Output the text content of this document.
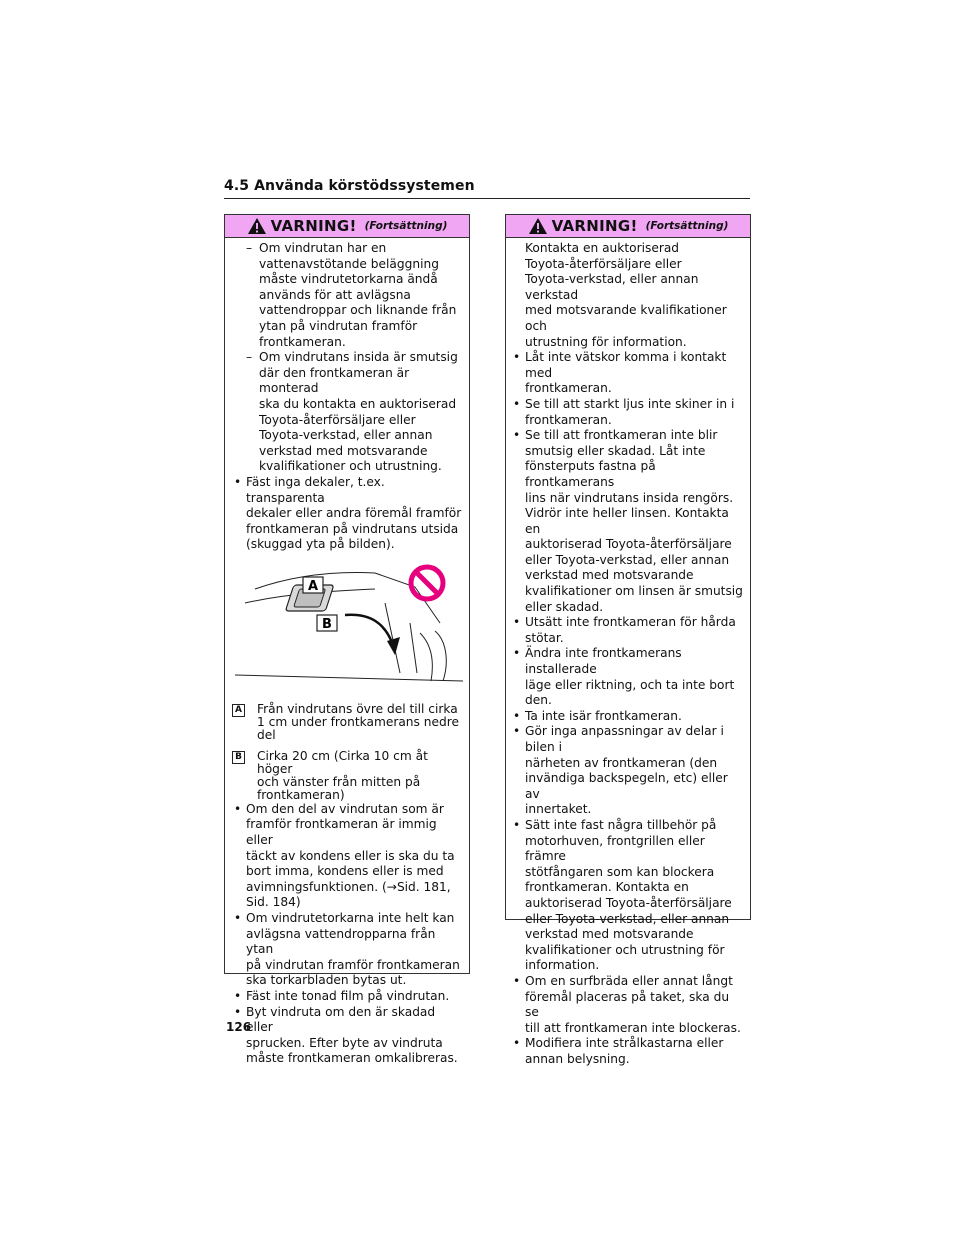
4.5 Använda körstödssystemen
VARNING! (Fortsättning)
– Om vindrutan har en
vattenavstötande beläggning
måste vindrutetorkarna ändå
används för att avlägsna
vattendroppar och liknande från
ytan på vindrutan framför
frontkameran.
– Om vindrutans insida är smutsig
där den frontkameran är monterad
ska du kontakta en auktoriserad
Toyota-återförsäljare eller
Toyota-verkstad, eller annan
verkstad med motsvarande
kvalifikationer och utrustning.
• Fäst inga dekaler, t.ex. transparenta
dekaler eller andra föremål framför
frontkameran på vindrutans utsida
(skuggad yta på bilden).
A
B
A Från vindrutans övre del till cirka
1 cm under frontkamerans nedre del
B Cirka 20 cm (Cirka 10 cm åt höger
och vänster från mitten på
frontkameran)
• Om den del av vindrutan som är
framför frontkameran är immig eller
täckt av kondens eller is ska du ta
bort imma, kondens eller is med
avimningsfunktionen. (→Sid. 181,
Sid. 184)
• Om vindrutetorkarna inte helt kan
avlägsna vattendropparna från ytan
på vindrutan framför frontkameran
ska torkarbladen bytas ut.
• Fäst inte tonad film på vindrutan.
• Byt vindruta om den är skadad eller
sprucken. Efter byte av vindruta
måste frontkameran omkalibreras.
VARNING! (Fortsättning)
Kontakta en auktoriserad
Toyota-återförsäljare eller
Toyota-verkstad, eller annan verkstad
med motsvarande kvalifikationer och
utrustning för information.
• Låt inte vätskor komma i kontakt med
frontkameran.
• Se till att starkt ljus inte skiner in i
frontkameran.
• Se till att frontkameran inte blir
smutsig eller skadad. Låt inte
fönsterputs fastna på frontkamerans
lins när vindrutans insida rengörs.
Vidrör inte heller linsen. Kontakta en
auktoriserad Toyota-återförsäljare
eller Toyota-verkstad, eller annan
verkstad med motsvarande
kvalifikationer om linsen är smutsig
eller skadad.
• Utsätt inte frontkameran för hårda
stötar.
• Ändra inte frontkamerans installerade
läge eller riktning, och ta inte bort
den.
• Ta inte isär frontkameran.
• Gör inga anpassningar av delar i bilen i
närheten av frontkameran (den
invändiga backspegeln, etc) eller av
innertaket.
• Sätt inte fast några tillbehör på
motorhuven, frontgrillen eller främre
stötfångaren som kan blockera
frontkameran. Kontakta en
auktoriserad Toyota-återförsäljare
eller Toyota-verkstad, eller annan
verkstad med motsvarande
kvalifikationer och utrustning för
information.
• Om en surfbräda eller annat långt
föremål placeras på taket, ska du se
till att frontkameran inte blockeras.
• Modifiera inte strålkastarna eller
annan belysning.
126
